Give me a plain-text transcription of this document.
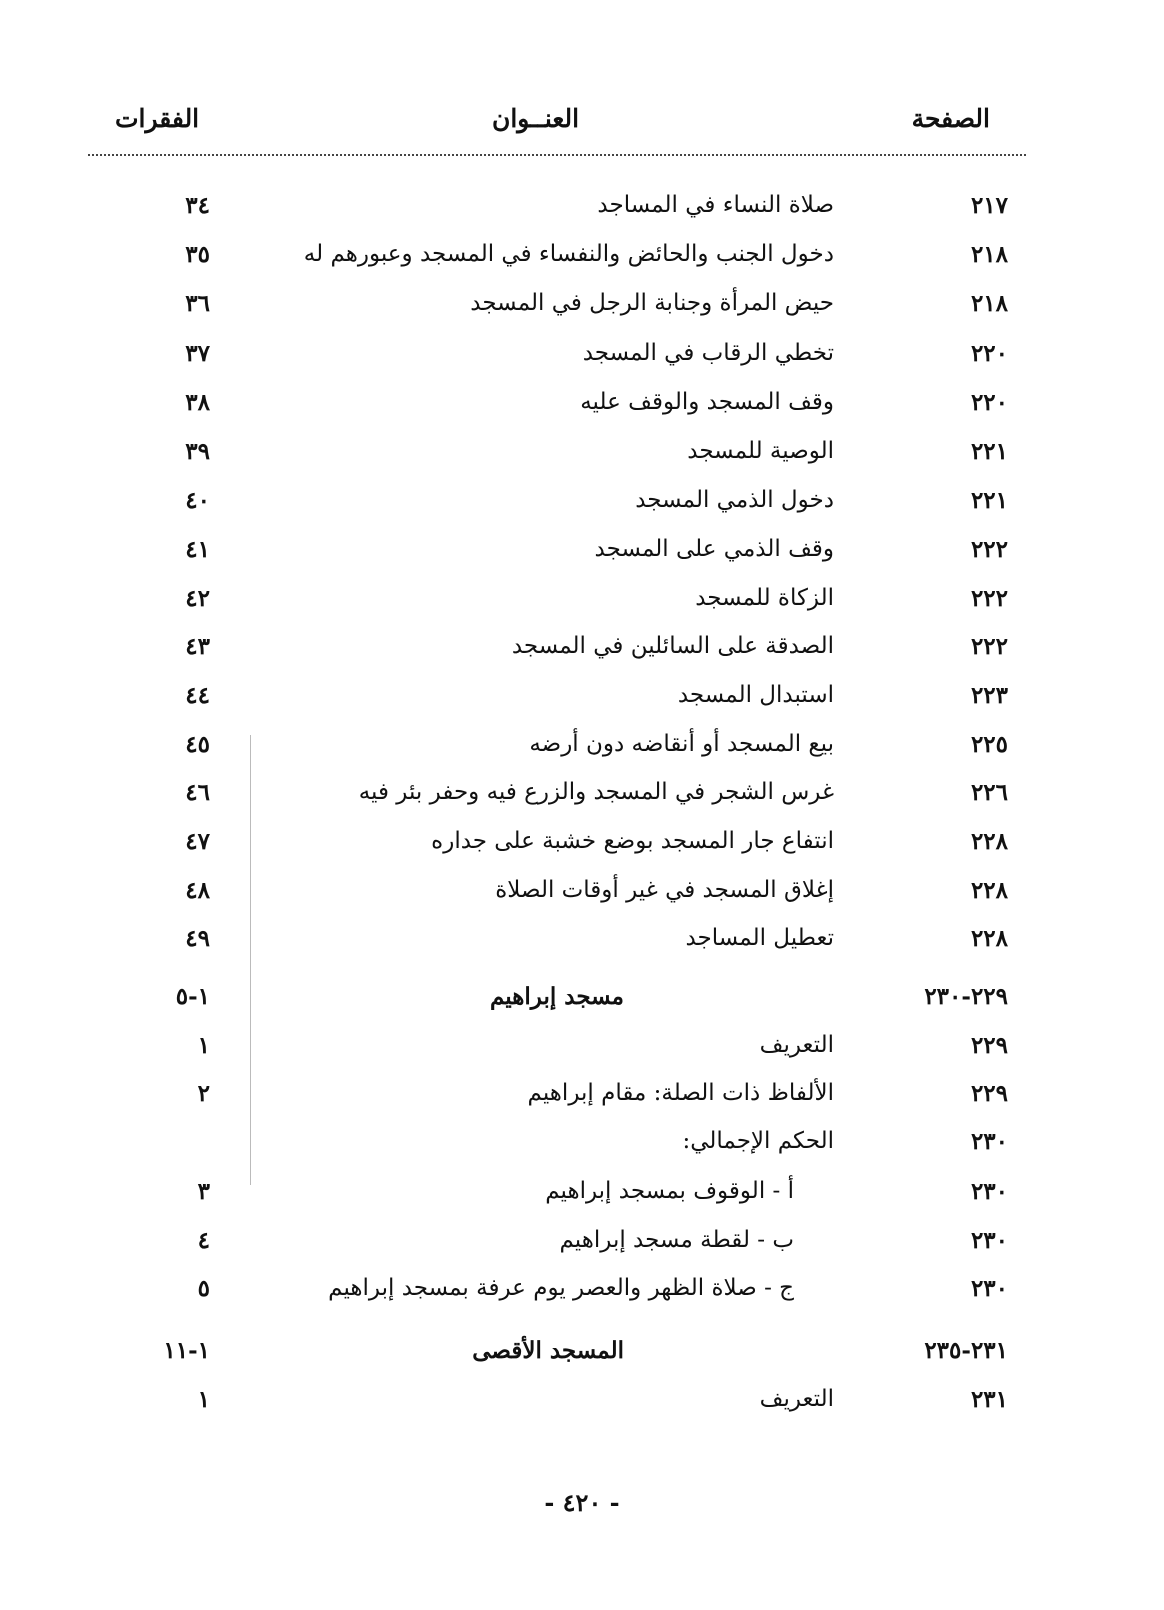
الصفحة
العنــوان
الفقرات
٢١٧
صلاة النساء في المساجد
٣٤
٢١٨
دخول الجنب والحائض والنفساء في المسجد وعبورهم له
٣٥
٢١٨
حيض المرأة وجنابة الرجل في المسجد
٣٦
٢٢٠
تخطي الرقاب في المسجد
٣٧
٢٢٠
وقف المسجد والوقف عليه
٣٨
٢٢١
الوصية للمسجد
٣٩
٢٢١
دخول الذمي المسجد
٤٠
٢٢٢
وقف الذمي على المسجد
٤١
٢٢٢
الزكاة للمسجد
٤٢
٢٢٢
الصدقة على السائلين في المسجد
٤٣
٢٢٣
استبدال المسجد
٤٤
٢٢٥
بيع المسجد أو أنقاضه دون أرضه
٤٥
٢٢٦
غرس الشجر في المسجد والزرع فيه وحفر بئر فيه
٤٦
٢٢٨
انتفاع جار المسجد بوضع خشبة على جداره
٤٧
٢٢٨
إغلاق المسجد في غير أوقات الصلاة
٤٨
٢٢٨
تعطيل المساجد
٤٩
٢٢٩-٢٣٠
مسجد إبراهيم
١-٥
٢٢٩
التعريف
١
٢٢٩
الألفاظ ذات الصلة: مقام إبراهيم
٢
٢٣٠
الحكم الإجمالي:
٢٣٠
أ - الوقوف بمسجد إبراهيم
٣
٢٣٠
ب - لقطة مسجد إبراهيم
٤
٢٣٠
ج - صلاة الظهر والعصر يوم عرفة بمسجد إبراهيم
٥
٢٣١-٢٣٥
المسجد الأقصى
١-١١
٢٣١
التعريف
١
- ٤٢٠ -
